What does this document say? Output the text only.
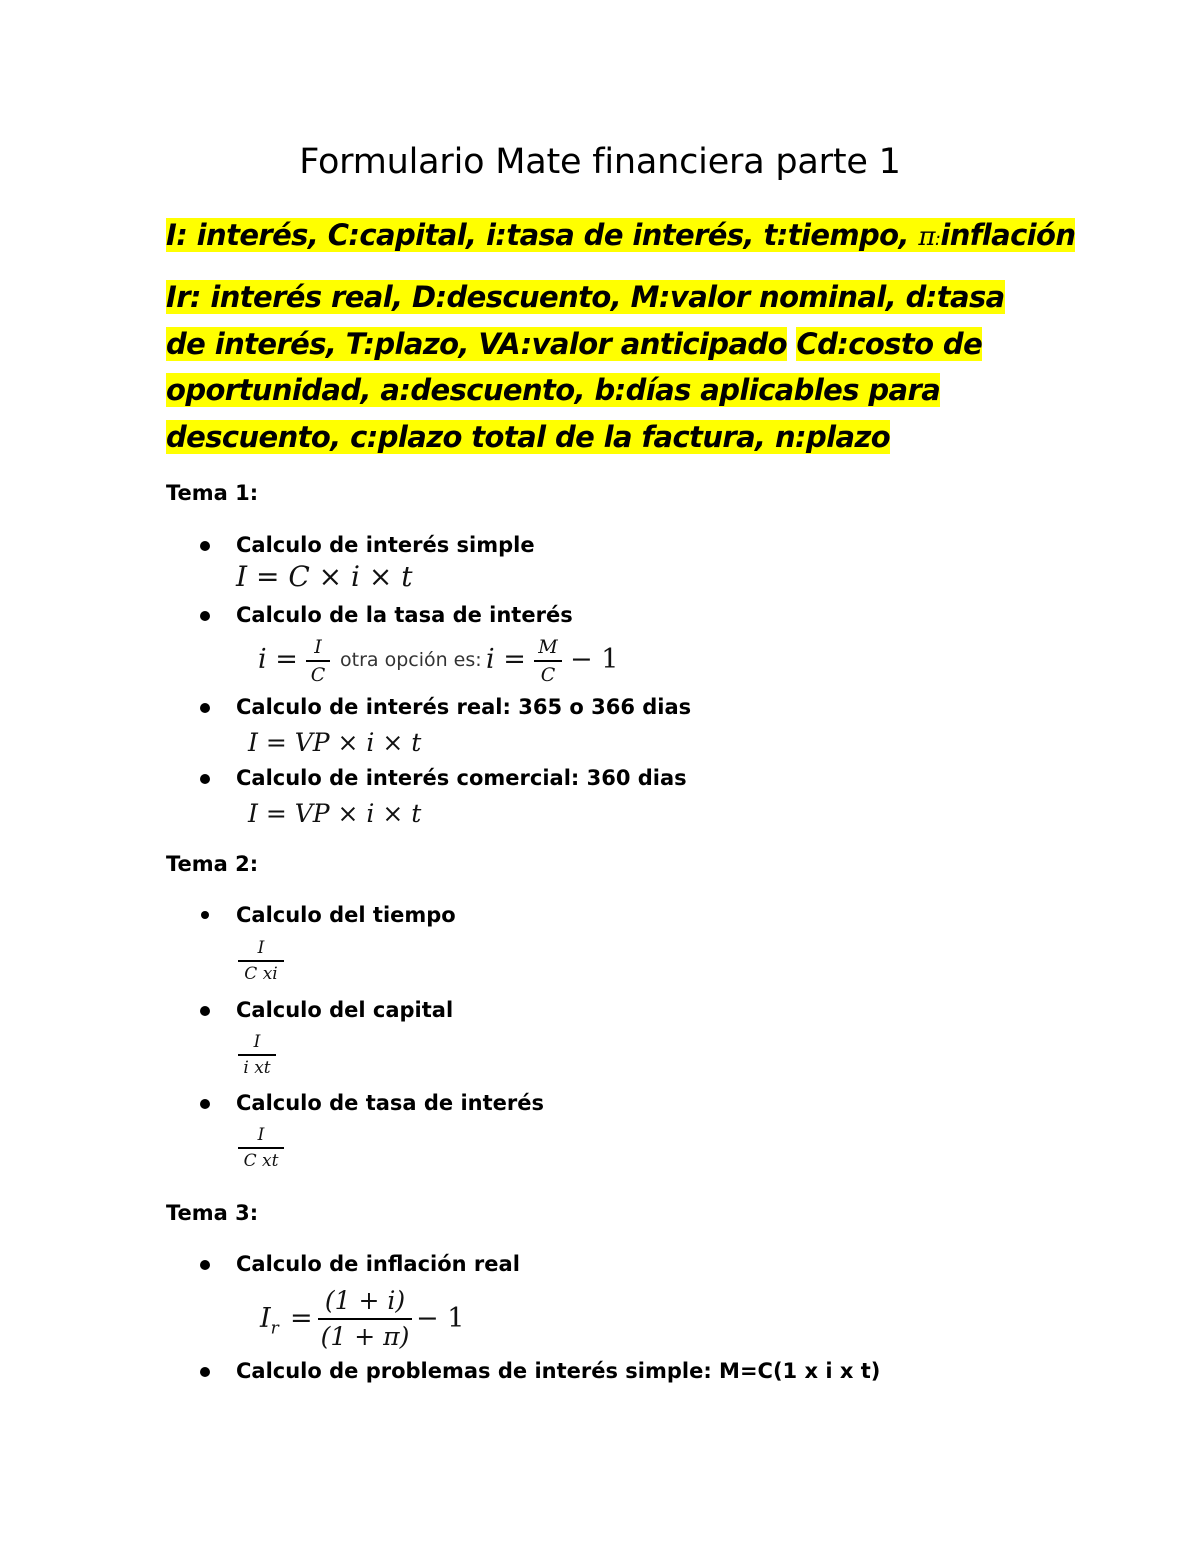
Formulario Mate financiera parte 1

I: interés, C:capital, i:tasa de interés, t:tiempo, π:inflación

Ir: interés real, D:descuento, M:valor nominal, d:tasa de interés, T:plazo, VA:valor anticipado Cd:costo de oportunidad, a:descuento, b:días aplicables para descuento, c:plazo total de la factura, n:plazo

Tema 1:

Calculo de interés simple

I = C × i × t

Calculo de la tasa de interés

i = I
C
otra opción es: i = M
C − 1

Calculo de interés real: 365 o 366 dias

I = VP × i × t

Calculo de interés comercial: 360 dias

I = VP × i × t

Tema 2:

Calculo del tiempo

I
C xi

Calculo del capital

I
i xt

Calculo de tasa de interés

I
C xt

Tema 3:

Calculo de inflación real

$I_r$ =
(1 + i)
(1 + π)
− 1

Calculo de problemas de interés simple: M=C(1 x i x t)
